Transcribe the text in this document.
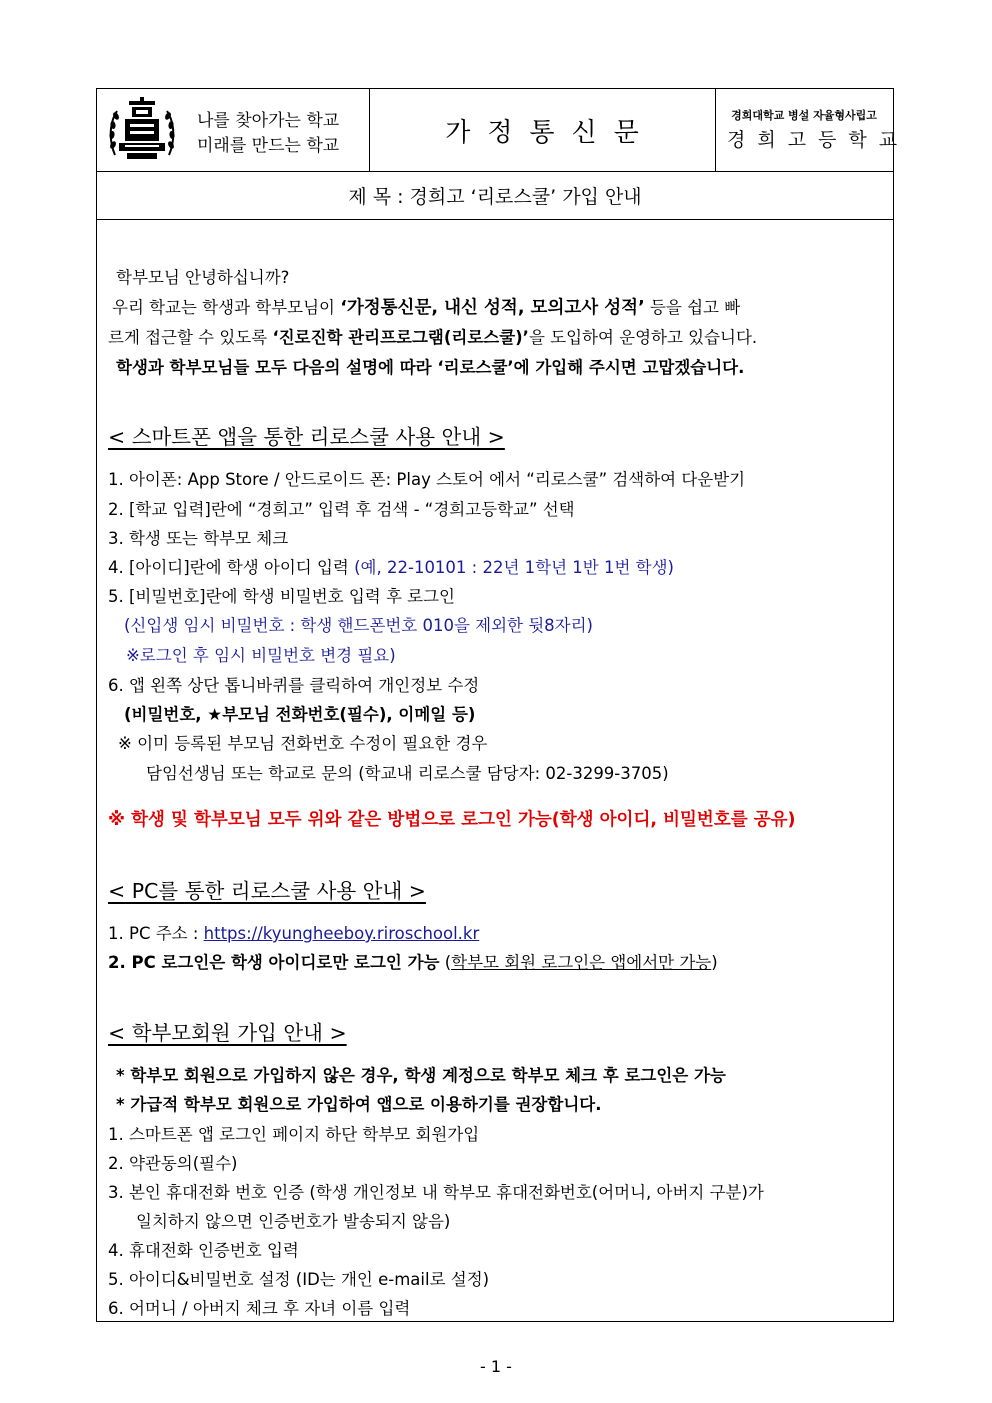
나를 찾아가는 학교
미래를 만드는 학교	가정통신문
경희대학교 병설 자율형사립고
경희고등학교
제 목 : 경희고 ‘리로스쿨’ 가입 안내
학부모님 안녕하십니까?
우리 학교는 학생과 학부모님이 ‘가정통신문, 내신 성적, 모의고사 성적’ 등을 쉽고 빠
르게 접근할 수 있도록 ‘진로진학 관리프로그램(리로스쿨)’을 도입하여 운영하고 있습니다.
학생과 학부모님들 모두 다음의 설명에 따라 ‘리로스쿨’에 가입해 주시면 고맙겠습니다.
< 스마트폰 앱을 통한 리로스쿨 사용 안내 >
1. 아이폰: App Store / 안드로이드 폰: Play 스토어 에서 “리로스쿨” 검색하여 다운받기
2. [학교 입력]란에 “경희고” 입력 후 검색 - “경희고등학교” 선택
3. 학생 또는 학부모 체크
4. [아이디]란에 학생 아이디 입력 (예, 22-10101 : 22년 1학년 1반 1번 학생)
5. [비밀번호]란에 학생 비밀번호 입력 후 로그인
(신입생 임시 비밀번호 : 학생 핸드폰번호 010을 제외한 뒷8자리)
※로그인 후 임시 비밀번호 변경 필요)
6. 앱 왼쪽 상단 톱니바퀴를 클릭하여 개인정보 수정
(비밀번호, ★부모님 전화번호(필수), 이메일 등)
※ 이미 등록된 부모님 전화번호 수정이 필요한 경우
담임선생님 또는 학교로 문의 (학교내 리로스쿨 담당자: 02-3299-3705)
※ 학생 및 학부모님 모두 위와 같은 방법으로 로그인 가능(학생 아이디, 비밀번호를 공유)
< PC를 통한 리로스쿨 사용 안내 >
1. PC 주소 : https://kyungheeboy.riroschool.kr
2. PC 로그인은 학생 아이디로만 로그인 가능 (학부모 회원 로그인은 앱에서만 가능)
< 학부모회원 가입 안내 >
* 학부모 회원으로 가입하지 않은 경우, 학생 계정으로 학부모 체크 후 로그인은 가능
* 가급적 학부모 회원으로 가입하여 앱으로 이용하기를 권장합니다.
1. 스마트폰 앱 로그인 페이지 하단 학부모 회원가입
2. 약관동의(필수)
3. 본인 휴대전화 번호 인증 (학생 개인정보 내 학부모 휴대전화번호(어머니, 아버지 구분)가
일치하지 않으면 인증번호가 발송되지 않음)
4. 휴대전화 인증번호 입력
5. 아이디&비밀번호 설정 (ID는 개인 e-mail로 설정)
6. 어머니 / 아버지 체크 후 자녀 이름 입력
- 1 -
